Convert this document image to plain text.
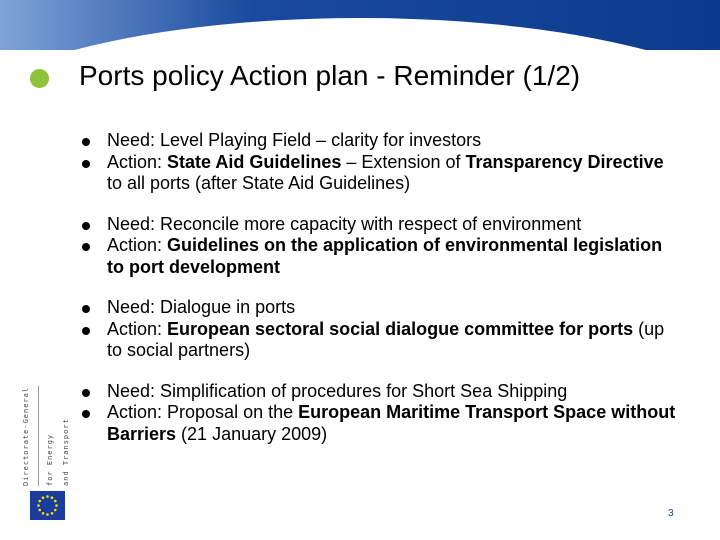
Ports policy Action plan - Reminder (1/2)
Need: Level Playing Field – clarity for investors
Action: State Aid Guidelines – Extension of Transparency Directive to all ports (after State Aid Guidelines)
Need: Reconcile more capacity with respect of environment
Action: Guidelines on the application of environmental legislation to port development
Need: Dialogue in ports
Action: European sectoral social dialogue committee for ports (up to social partners)
Need: Simplification of procedures for Short Sea Shipping
Action: Proposal on the European Maritime Transport Space without Barriers (21 January 2009)
Directorate-General for Energy and Transport
3
